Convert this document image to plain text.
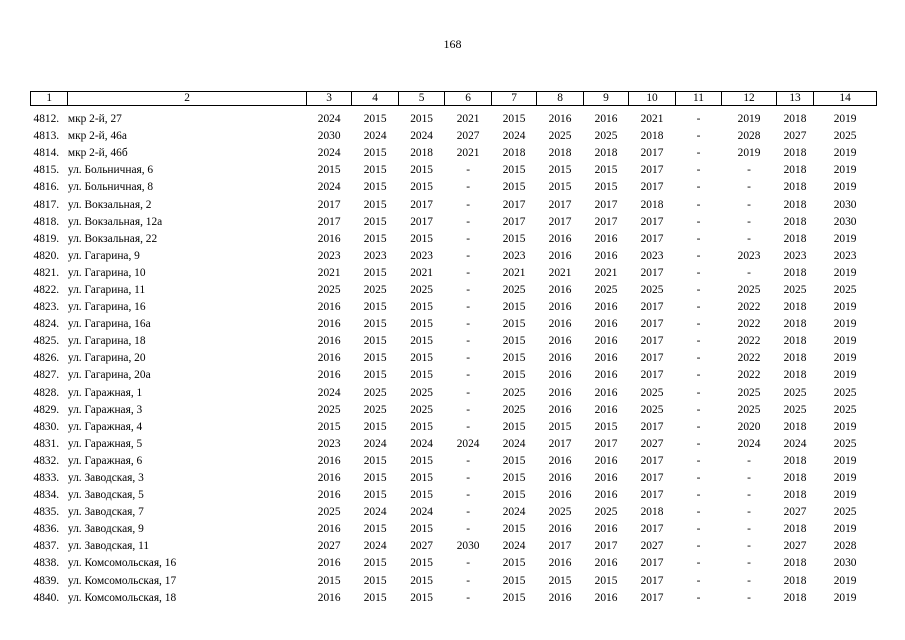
168
1	2	3	4	5	6	7	8	9	10	11	12	13	14

4812.	мкр 2-й, 27	2024	2015	2015	2021	2015	2016	2016	2021	-	2019	2018	2019
4813.	мкр 2-й, 46а	2030	2024	2024	2027	2024	2025	2025	2018	-	2028	2027	2025
4814.	мкр 2-й, 46б	2024	2015	2018	2021	2018	2018	2018	2017	-	2019	2018	2019
4815.	ул. Больничная, 6	2015	2015	2015	-	2015	2015	2015	2017	-	-	2018	2019
4816.	ул. Больничная, 8	2024	2015	2015	-	2015	2015	2015	2017	-	-	2018	2019
4817.	ул. Вокзальная, 2	2017	2015	2017	-	2017	2017	2017	2018	-	-	2018	2030
4818.	ул. Вокзальная, 12а	2017	2015	2017	-	2017	2017	2017	2017	-	-	2018	2030
4819.	ул. Вокзальная, 22	2016	2015	2015	-	2015	2016	2016	2017	-	-	2018	2019
4820.	ул. Гагарина, 9	2023	2023	2023	-	2023	2016	2016	2023	-	2023	2023	2023
4821.	ул. Гагарина, 10	2021	2015	2021	-	2021	2021	2021	2017	-	-	2018	2019
4822.	ул. Гагарина, 11	2025	2025	2025	-	2025	2016	2025	2025	-	2025	2025	2025
4823.	ул. Гагарина, 16	2016	2015	2015	-	2015	2016	2016	2017	-	2022	2018	2019
4824.	ул. Гагарина, 16а	2016	2015	2015	-	2015	2016	2016	2017	-	2022	2018	2019
4825.	ул. Гагарина, 18	2016	2015	2015	-	2015	2016	2016	2017	-	2022	2018	2019
4826.	ул. Гагарина, 20	2016	2015	2015	-	2015	2016	2016	2017	-	2022	2018	2019
4827.	ул. Гагарина, 20а	2016	2015	2015	-	2015	2016	2016	2017	-	2022	2018	2019
4828.	ул. Гаражная, 1	2024	2025	2025	-	2025	2016	2016	2025	-	2025	2025	2025
4829.	ул. Гаражная, 3	2025	2025	2025	-	2025	2016	2016	2025	-	2025	2025	2025
4830.	ул. Гаражная, 4	2015	2015	2015	-	2015	2015	2015	2017	-	2020	2018	2019
4831.	ул. Гаражная, 5	2023	2024	2024	2024	2024	2017	2017	2027	-	2024	2024	2025
4832.	ул. Гаражная, 6	2016	2015	2015	-	2015	2016	2016	2017	-	-	2018	2019
4833.	ул. Заводская, 3	2016	2015	2015	-	2015	2016	2016	2017	-	-	2018	2019
4834.	ул. Заводская, 5	2016	2015	2015	-	2015	2016	2016	2017	-	-	2018	2019
4835.	ул. Заводская, 7	2025	2024	2024	-	2024	2025	2025	2018	-	-	2027	2025
4836.	ул. Заводская, 9	2016	2015	2015	-	2015	2016	2016	2017	-	-	2018	2019
4837.	ул. Заводская, 11	2027	2024	2027	2030	2024	2017	2017	2027	-	-	2027	2028
4838.	ул. Комсомольская, 16	2016	2015	2015	-	2015	2016	2016	2017	-	-	2018	2030
4839.	ул. Комсомольская, 17	2015	2015	2015	-	2015	2015	2015	2017	-	-	2018	2019
4840.	ул. Комсомольская, 18	2016	2015	2015	-	2015	2016	2016	2017	-	-	2018	2019
